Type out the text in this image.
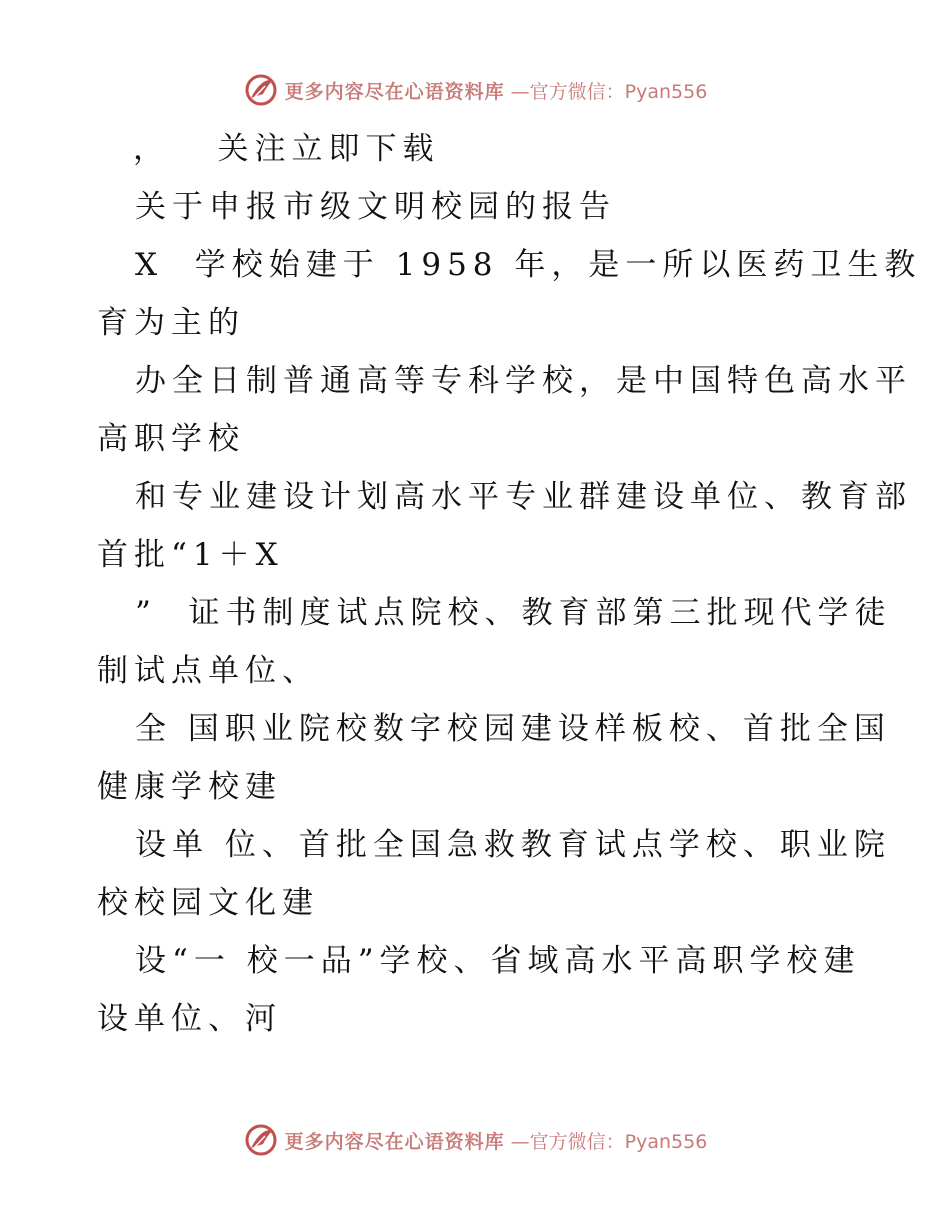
更多内容尽在心语资料库 —官方微信：Pyan556
，   关注立即下载
关于申报市级文明校园的报告
X  学校始建于 1958 年，是一所以医药卫生教
育为主的
办全日制普通高等专科学校，是中国特色高水平
高职学校
和专业建设计划高水平专业群建设单位、教育部
首批“1＋X
”  证书制度试点院校、教育部第三批现代学徒
制试点单位、
全 国职业院校数字校园建设样板校、首批全国
健康学校建
设单 位、首批全国急救教育试点学校、职业院
校校园文化建
设“一 校一品”学校、省域高水平高职学校建
设单位、河
更多内容尽在心语资料库 —官方微信：Pyan556
